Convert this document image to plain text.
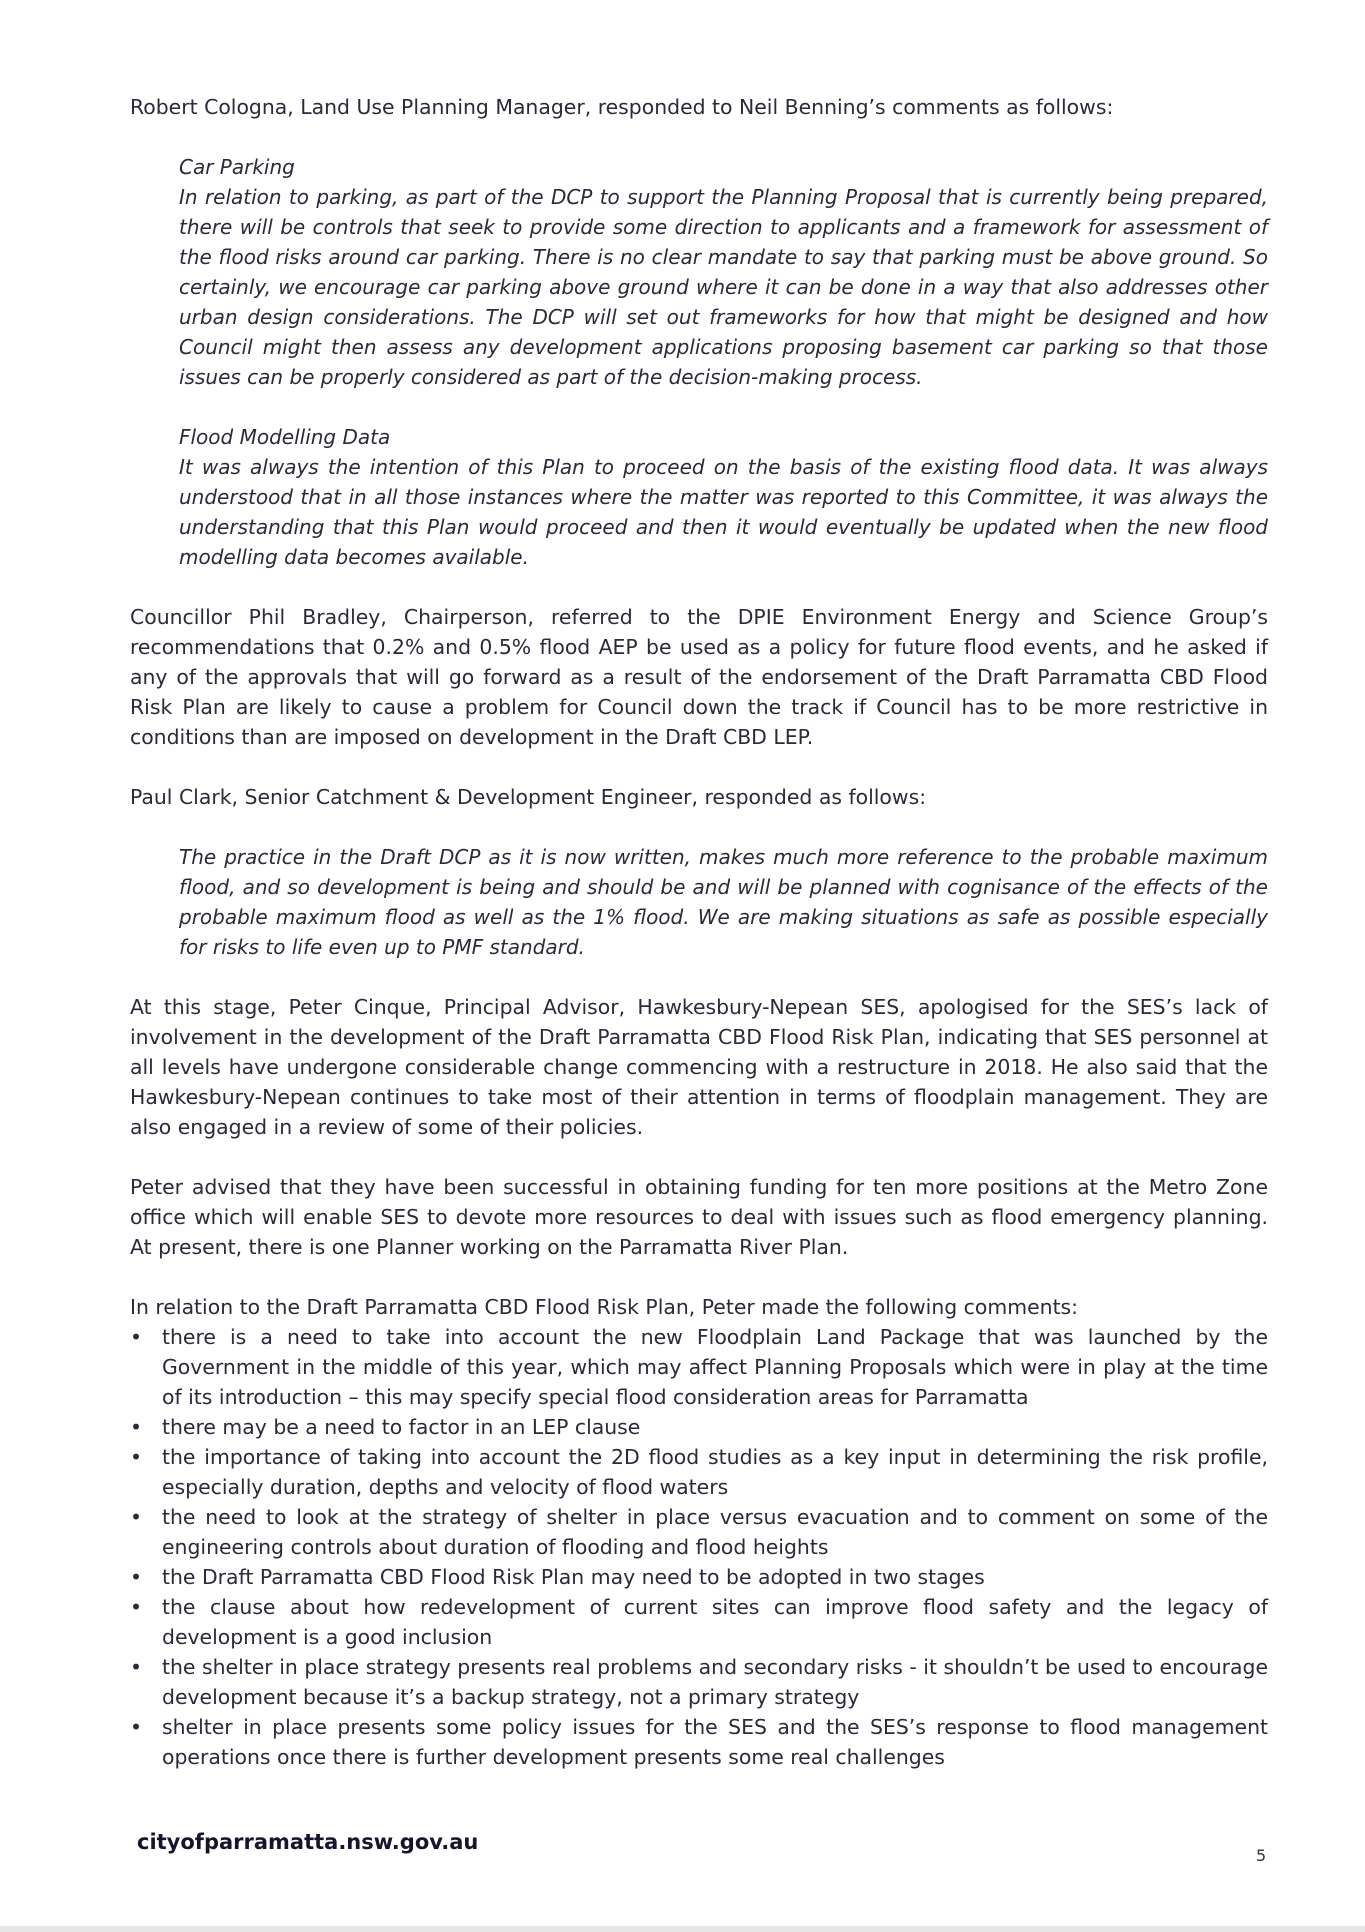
Robert Cologna, Land Use Planning Manager, responded to Neil Benning’s comments as follows:

Car Parking

In relation to parking, as part of the DCP to support the Planning Proposal that is currently being prepared, there will be controls that seek to provide some direction to applicants and a framework for assessment of the flood risks around car parking. There is no clear mandate to say that parking must be above ground. So certainly, we encourage car parking above ground where it can be done in a way that also addresses other urban design considerations. The DCP will set out frameworks for how that might be designed and how Council might then assess any development applications proposing basement car parking so that those issues can be properly considered as part of the decision-making process.

Flood Modelling Data

It was always the intention of this Plan to proceed on the basis of the existing flood data. It was always understood that in all those instances where the matter was reported to this Committee, it was always the understanding that this Plan would proceed and then it would eventually be updated when the new flood modelling data becomes available.

Councillor Phil Bradley, Chairperson, referred to the DPIE Environment Energy and Science Group’s recommendations that 0.2% and 0.5% flood AEP be used as a policy for future flood events, and he asked if any of the approvals that will go forward as a result of the endorsement of the Draft Parramatta CBD Flood Risk Plan are likely to cause a problem for Council down the track if Council has to be more restrictive in conditions than are imposed on development in the Draft CBD LEP.

Paul Clark, Senior Catchment & Development Engineer, responded as follows:

The practice in the Draft DCP as it is now written, makes much more reference to the probable maximum flood, and so development is being and should be and will be planned with cognisance of the effects of the probable maximum flood as well as the 1% flood. We are making situations as safe as possible especially for risks to life even up to PMF standard.

At this stage, Peter Cinque, Principal Advisor, Hawkesbury-Nepean SES, apologised for the SES’s lack of involvement in the development of the Draft Parramatta CBD Flood Risk Plan, indicating that SES personnel at all levels have undergone considerable change commencing with a restructure in 2018. He also said that the Hawkesbury-Nepean continues to take most of their attention in terms of floodplain management. They are also engaged in a review of some of their policies.

Peter advised that they have been successful in obtaining funding for ten more positions at the Metro Zone office which will enable SES to devote more resources to deal with issues such as flood emergency planning. At present, there is one Planner working on the Parramatta River Plan.

In relation to the Draft Parramatta CBD Flood Risk Plan, Peter made the following comments:

• there is a need to take into account the new Floodplain Land Package that was launched by the Government in the middle of this year, which may affect Planning Proposals which were in play at the time of its introduction – this may specify special flood consideration areas for Parramatta
• there may be a need to factor in an LEP clause
• the importance of taking into account the 2D flood studies as a key input in determining the risk profile, especially duration, depths and velocity of flood waters
• the need to look at the strategy of shelter in place versus evacuation and to comment on some of the engineering controls about duration of flooding and flood heights
• the Draft Parramatta CBD Flood Risk Plan may need to be adopted in two stages
• the clause about how redevelopment of current sites can improve flood safety and the legacy of development is a good inclusion
• the shelter in place strategy presents real problems and secondary risks - it shouldn’t be used to encourage development because it’s a backup strategy, not a primary strategy
• shelter in place presents some policy issues for the SES and the SES’s response to flood management operations once there is further development presents some real challenges
cityofparramatta.nsw.gov.au
5
